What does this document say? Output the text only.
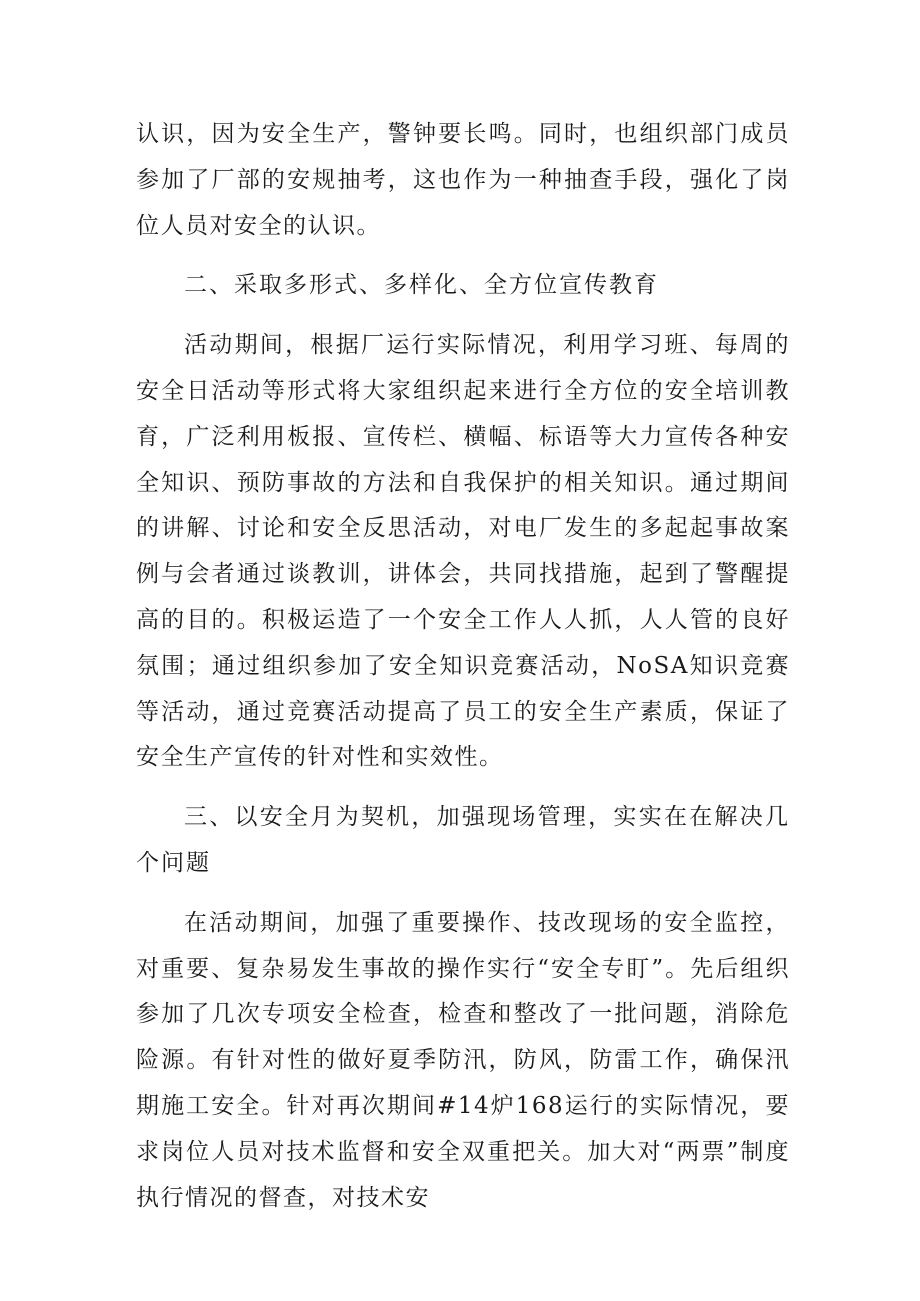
认识，因为安全生产，警钟要长鸣。同时，也组织部门成员参加了厂部的安规抽考，这也作为一种抽查手段，强化了岗位人员对安全的认识。

二、采取多形式、多样化、全方位宣传教育

活动期间，根据厂运行实际情况，利用学习班、每周的安全日活动等形式将大家组织起来进行全方位的安全培训教育，广泛利用板报、宣传栏、横幅、标语等大力宣传各种安全知识、预防事故的方法和自我保护的相关知识。通过期间的讲解、讨论和安全反思活动，对电厂发生的多起起事故案例与会者通过谈教训，讲体会，共同找措施，起到了警醒提高的目的。积极运造了一个安全工作人人抓，人人管的良好氛围；通过组织参加了安全知识竞赛活动，NoSA知识竞赛等活动，通过竞赛活动提高了员工的安全生产素质，保证了安全生产宣传的针对性和实效性。

三、以安全月为契机，加强现场管理，实实在在解决几个问题

在活动期间，加强了重要操作、技改现场的安全监控，对重要、复杂易发生事故的操作实行“安全专盯”。先后组织参加了几次专项安全检查，检查和整改了一批问题，消除危险源。有针对性的做好夏季防汛，防风，防雷工作，确保汛期施工安全。针对再次期间#14炉168运行的实际情况，要求岗位人员对技术监督和安全双重把关。加大对“两票”制度执行情况的督查，对技术安
